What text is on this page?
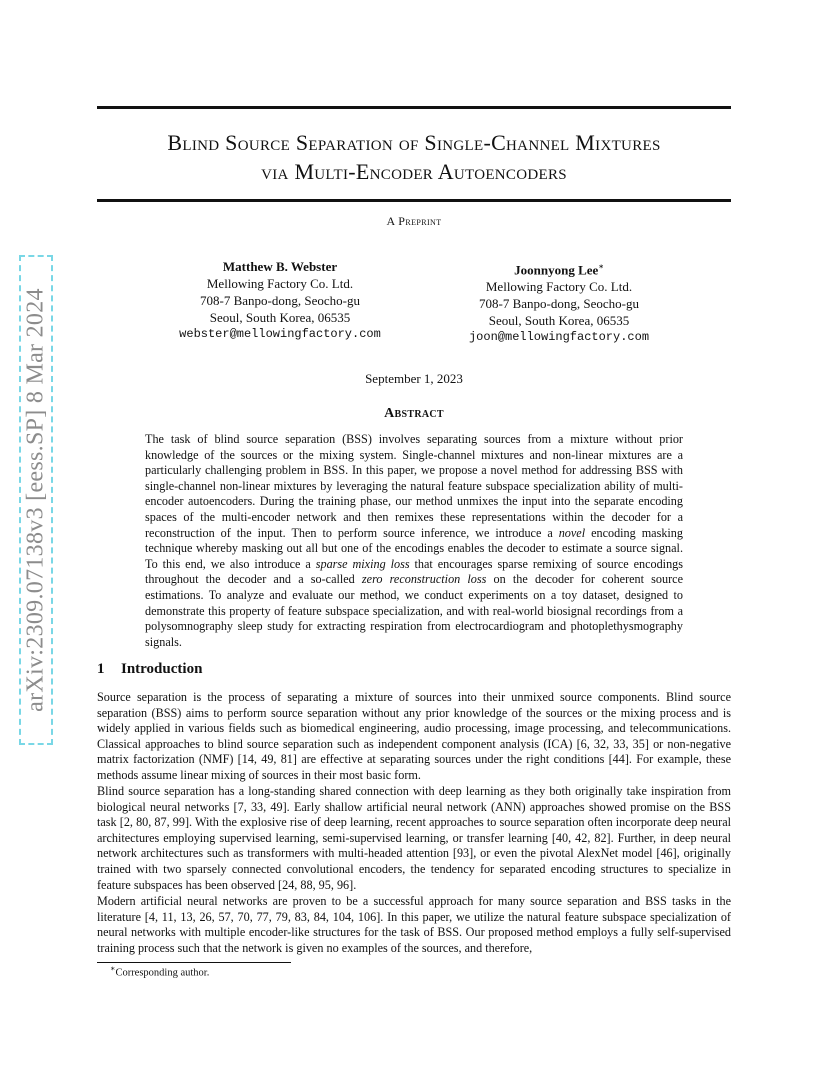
arXiv:2309.07138v3 [eess.SP] 8 Mar 2024
Blind Source Separation of Single-Channel Mixtures
via Multi-Encoder Autoencoders
A Preprint
Matthew B. Webster
Mellowing Factory Co. Ltd.
708-7 Banpo-dong, Seocho-gu
Seoul, South Korea, 06535
webster@mellowingfactory.com
Joonnyong Lee∗
Mellowing Factory Co. Ltd.
708-7 Banpo-dong, Seocho-gu
Seoul, South Korea, 06535
joon@mellowingfactory.com
September 1, 2023
Abstract

The task of blind source separation (BSS) involves separating sources from a mixture without prior knowledge of the sources or the mixing system. Single-channel mixtures and non-linear mixtures are a particularly challenging problem in BSS. In this paper, we propose a novel method for addressing BSS with single-channel non-linear mixtures by leveraging the natural feature subspace specialization ability of multi-encoder autoencoders. During the training phase, our method unmixes the input into the separate encoding spaces of the multi-encoder network and then remixes these representations within the decoder for a reconstruction of the input. Then to perform source inference, we introduce a novel encoding masking technique whereby masking out all but one of the encodings enables the decoder to estimate a source signal. To this end, we also introduce a sparse mixing loss that encourages sparse remixing of source encodings throughout the decoder and a so-called zero reconstruction loss on the decoder for coherent source estimations. To analyze and evaluate our method, we conduct experiments on a toy dataset, designed to demonstrate this property of feature subspace specialization, and with real-world biosignal recordings from a polysomnography sleep study for extracting respiration from electrocardiogram and photoplethysmography signals.

1 Introduction

Source separation is the process of separating a mixture of sources into their unmixed source components. Blind source separation (BSS) aims to perform source separation without any prior knowledge of the sources or the mixing process and is widely applied in various fields such as biomedical engineering, audio processing, image processing, and telecommunications. Classical approaches to blind source separation such as independent component analysis (ICA) [6, 32, 33, 35] or non-negative matrix factorization (NMF) [14, 49, 81] are effective at separating sources under the right conditions [44]. For example, these methods assume linear mixing of sources in their most basic form.

Blind source separation has a long-standing shared connection with deep learning as they both originally take inspiration from biological neural networks [7, 33, 49]. Early shallow artificial neural network (ANN) approaches showed promise on the BSS task [2, 80, 87, 99]. With the explosive rise of deep learning, recent approaches to source separation often incorporate deep neural architectures employing supervised learning, semi-supervised learning, or transfer learning [40, 42, 82]. Further, in deep neural network architectures such as transformers with multi-headed attention [93], or even the pivotal AlexNet model [46], originally trained with two sparsely connected convolutional encoders, the tendency for separated encoding structures to specialize in feature subspaces has been observed [24, 88, 95, 96].

Modern artificial neural networks are proven to be a successful approach for many source separation and BSS tasks in the literature [4, 11, 13, 26, 57, 70, 77, 79, 83, 84, 104, 106]. In this paper, we utilize the natural feature subspace specialization of neural networks with multiple encoder-like structures for the task of BSS. Our proposed method employs a fully self-supervised training process such that the network is given no examples of the sources, and therefore,

∗Corresponding author.
